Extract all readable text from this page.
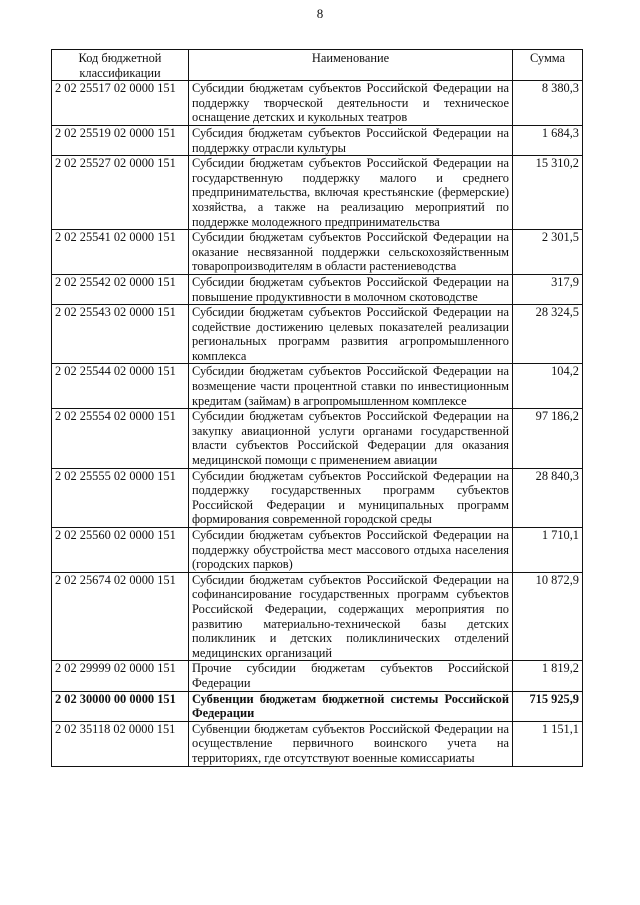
8
Код бюджетной классификации	Наименование	Сумма
2 02 25517 02 0000 151	Субсидии бюджетам субъектов Российской Федерации на поддержку творческой деятельности и техническое оснащение детских и кукольных театров	8 380,3
2 02 25519 02 0000 151	Субсидия бюджетам субъектов Российской Федерации на поддержку отрасли культуры	1 684,3
2 02 25527 02 0000 151	Субсидии бюджетам субъектов Российской Федерации на государственную поддержку малого и среднего предпринимательства, включая крестьянские (фермерские) хозяйства, а также на реализацию мероприятий по поддержке молодежного предпринимательства	15 310,2
2 02 25541 02 0000 151	Субсидии бюджетам субъектов Российской Федерации на оказание несвязанной поддержки сельскохозяйственным товаропроизводителям в области растениеводства	2 301,5
2 02 25542 02 0000 151	Субсидии бюджетам субъектов Российской Федерации на повышение продуктивности в молочном скотоводстве	317,9
2 02 25543 02 0000 151	Субсидии бюджетам субъектов Российской Федерации на содействие достижению целевых показателей реализации региональных программ развития агропромышленного комплекса	28 324,5
2 02 25544 02 0000 151	Субсидии бюджетам субъектов Российской Федерации на возмещение части процентной ставки по инвестиционным кредитам (займам) в агропромышленном комплексе	104,2
2 02 25554 02 0000 151	Субсидии бюджетам субъектов Российской Федерации на закупку авиационной услуги органами государственной власти субъектов Российской Федерации для оказания медицинской помощи с применением авиации	97 186,2
2 02 25555 02 0000 151	Субсидии бюджетам субъектов Российской Федерации на поддержку государственных программ субъектов Российской Федерации и муниципальных программ формирования современной городской среды	28 840,3
2 02 25560 02 0000 151	Субсидии бюджетам субъектов Российской Федерации на поддержку обустройства мест массового отдыха населения (городских парков)	1 710,1
2 02 25674 02 0000 151	Субсидии бюджетам субъектов Российской Федерации на софинансирование государственных программ субъектов Российской Федерации, содержащих мероприятия по развитию материально-технической базы детских поликлиник и детских поликлинических отделений медицинских организаций	10 872,9
2 02 29999 02 0000 151	Прочие субсидии бюджетам субъектов Российской Федерации	1 819,2
2 02 30000 00 0000 151	Субвенции бюджетам бюджетной системы Российской Федерации	715 925,9
2 02 35118 02 0000 151	Субвенции бюджетам субъектов Российской Федерации на осуществление первичного воинского учета на территориях, где отсутствуют военные комиссариаты	1 151,1
